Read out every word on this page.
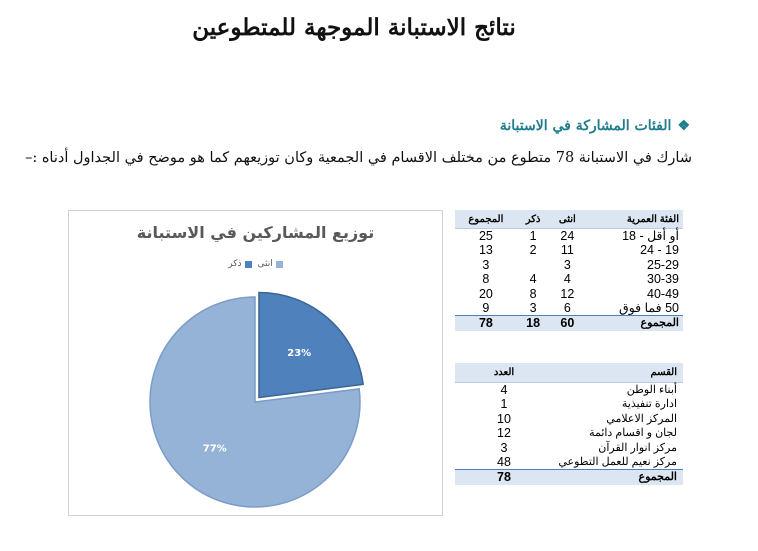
نتائج الاستبانة الموجهة للمتطوعين
❖الفئات المشاركة في الاستبانة
شارك في الاستبانة 78 متطوع من مختلف الاقسام في الجمعية وكان توزيعهم كما هو موضح في الجداول أدناه :–
توزيع المشاركين في الاستبانة
انثى
ذكر
23%
77%
الفئة العمرية	انثى	ذكر	المجموع
أو أقل - 18	24	1	25
19 - 24	11	2	13
25-29	3		3
30-39	4	4	8
40-49	12	8	20
50 فما فوق	6	3	9
المجموع	60	18	78
القسم	العدد
أبناء الوطن	4
ادارة تنفيذية	1
المركز الاعلامي	10
لجان و اقسام دائمة	12
مركز انوار القرآن	3
مركز نعيم للعمل التطوعي	48
المجموع	78
